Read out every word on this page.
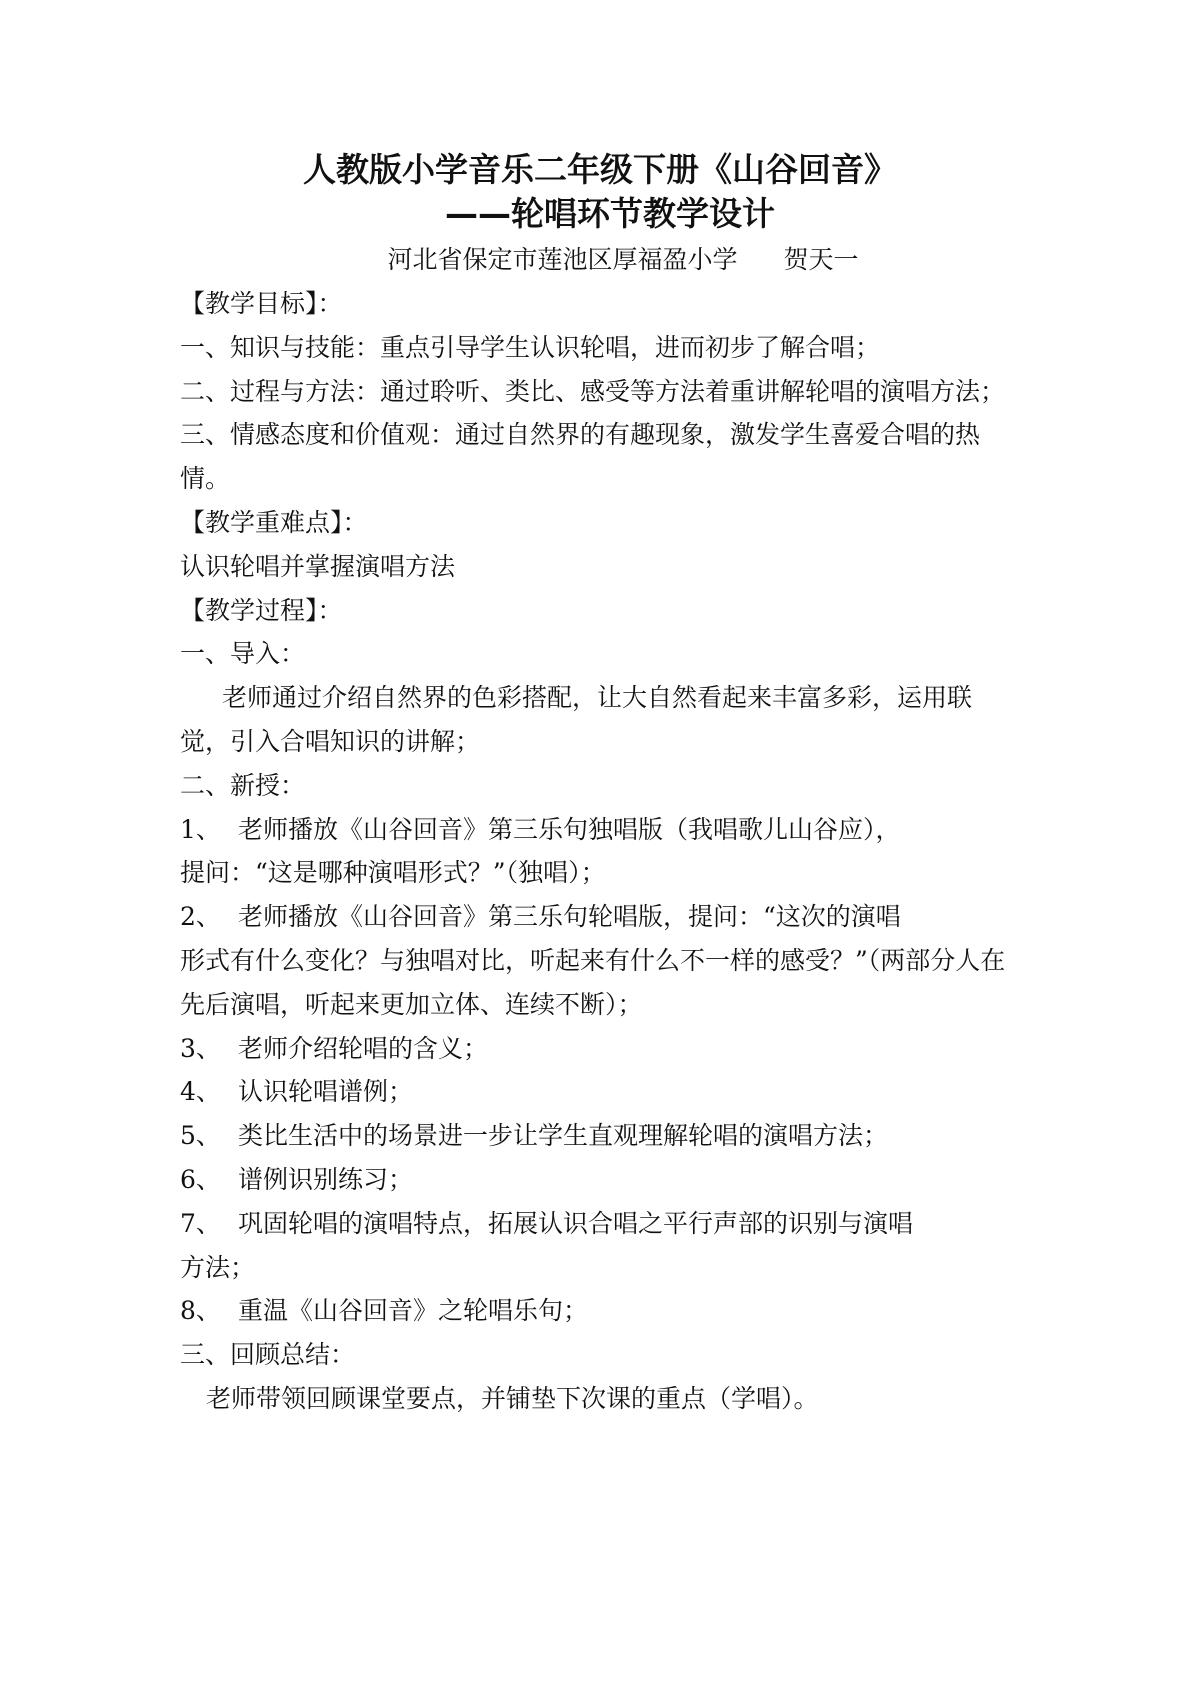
人教版小学音乐二年级下册《山谷回音》
——轮唱环节教学设计
河北省保定市莲池区厚福盈小学 贺天一

【教学目标】：

一、知识与技能：重点引导学生认识轮唱，进而初步了解合唱；

二、过程与方法：通过聆听、类比、感受等方法着重讲解轮唱的演唱方法；

三、情感态度和价值观：通过自然界的有趣现象，激发学生喜爱合唱的热情。

【教学重难点】：

认识轮唱并掌握演唱方法

【教学过程】：

一、导入：

老师通过介绍自然界的色彩搭配，让大自然看起来丰富多彩，运用联觉，引入合唱知识的讲解；

二、新授：

1、 老师播放《山谷回音》第三乐句独唱版（我唱歌儿山谷应），
提问：“这是哪种演唱形式？”（独唱）；
2、 老师播放《山谷回音》第三乐句轮唱版，提问：“这次的演唱
形式有什么变化？与独唱对比，听起来有什么不一样的感受？”（两部分人在先后演唱，听起来更加立体、连续不断）；
3、 老师介绍轮唱的含义；
4、 认识轮唱谱例；
5、 类比生活中的场景进一步让学生直观理解轮唱的演唱方法；
6、 谱例识别练习；
7、 巩固轮唱的演唱特点，拓展认识合唱之平行声部的识别与演唱
方法；
8、 重温《山谷回音》之轮唱乐句；

三、回顾总结：

老师带领回顾课堂要点，并铺垫下次课的重点（学唱）。
